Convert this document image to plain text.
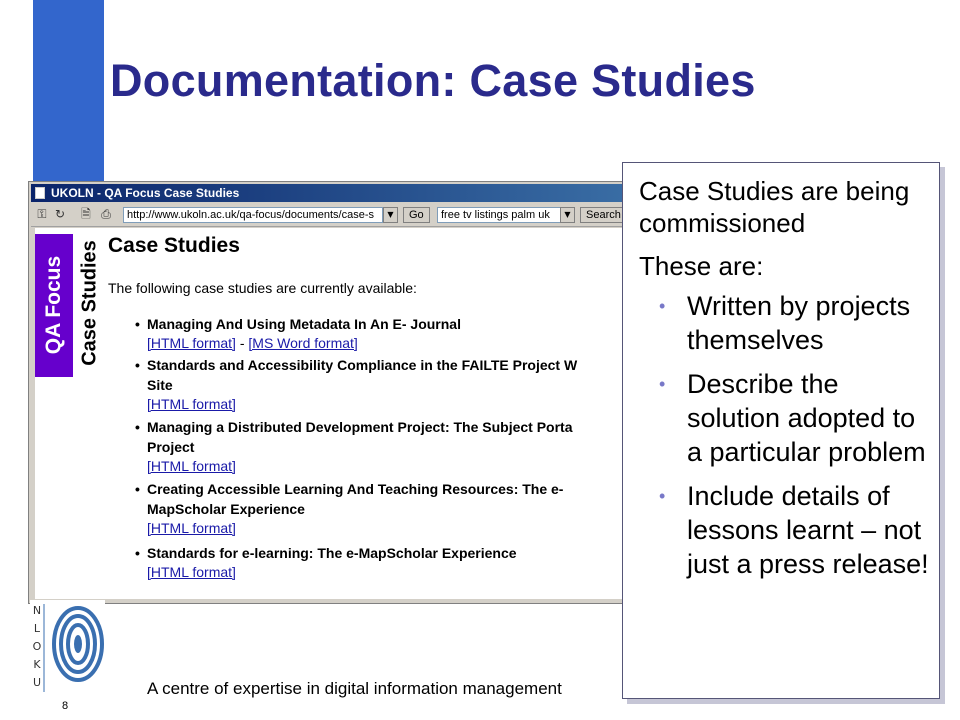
Documentation: Case Studies
UKOLN - QA Focus Case Studies
⚿ ↻ 🗎 ⎙	http://www.ukoln.ac.uk/qa-focus/documents/case-s	▼	Go	free tv listings palm uk	▼	Search
QA Focus Case Studies Case Studies

The following case studies are currently available:

• Managing And Using Metadata In An E- Journal
[HTML format] - [MS Word format]
• Standards and Accessibility Compliance in the FAILTE Project W
Site
[HTML format]
• Managing a Distributed Development Project: The Subject Porta
Project
[HTML format]
• Creating Accessible Learning And Teaching Resources: The e-
MapScholar Experience
[HTML format]
• Standards for e-learning: The e-MapScholar Experience
[HTML format]

Case Studies are being commissioned

These are:

• Written by projects themselves
• Describe the solution adopted to a particular problem
• Include details of lessons learnt – not just a press release!
N
L
O
K
U	A centre of expertise in digital information management

8
